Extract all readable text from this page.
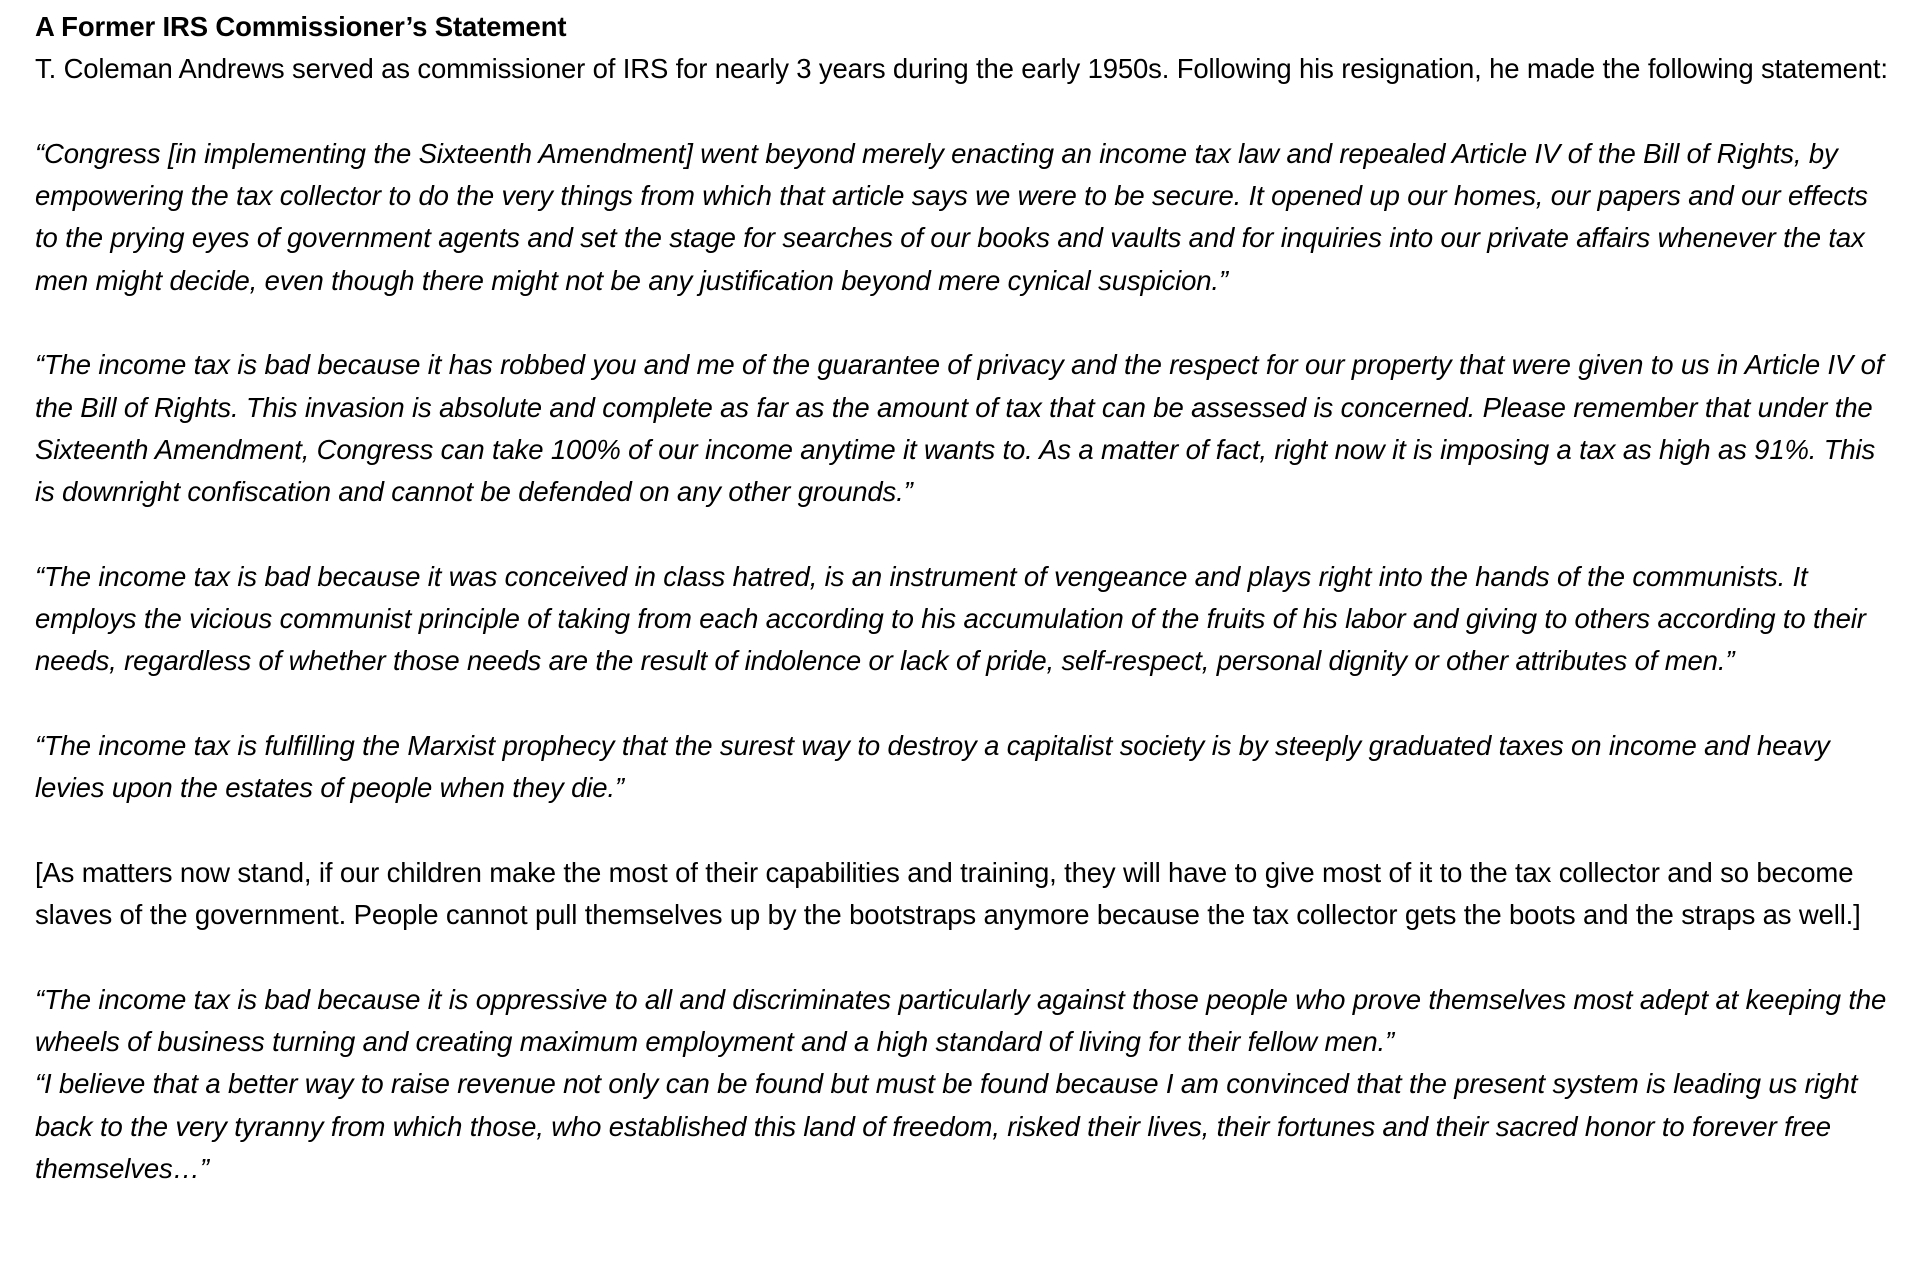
A Former IRS Commissioner’s Statement

T. Coleman Andrews served as commissioner of IRS for nearly 3 years during the early 1950s. Following his resignation, he made the following statement:

“Congress [in implementing the Sixteenth Amendment] went beyond merely enacting an income tax law and repealed Article IV of the Bill of Rights, by empowering the tax collector to do the very things from which that article says we were to be secure. It opened up our homes, our papers and our effects to the prying eyes of government agents and set the stage for searches of our books and vaults and for inquiries into our private affairs whenever the tax men might decide, even though there might not be any justification beyond mere cynical suspicion.”

“The income tax is bad because it has robbed you and me of the guarantee of privacy and the respect for our property that were given to us in Article IV of the Bill of Rights. This invasion is absolute and complete as far as the amount of tax that can be assessed is concerned. Please remember that under the Sixteenth Amendment, Congress can take 100% of our income anytime it wants to. As a matter of fact, right now it is imposing a tax as high as 91%. This is downright confiscation and cannot be defended on any other grounds.”

“The income tax is bad because it was conceived in class hatred, is an instrument of vengeance and plays right into the hands of the communists. It employs the vicious communist principle of taking from each according to his accumulation of the fruits of his labor and giving to others according to their needs, regardless of whether those needs are the result of indolence or lack of pride, self-respect, personal dignity or other attributes of men.”

“The income tax is fulfilling the Marxist prophecy that the surest way to destroy a capitalist society is by steeply graduated taxes on income and heavy levies upon the estates of people when they die.”

[As matters now stand, if our children make the most of their capabilities and training, they will have to give most of it to the tax collector and so become slaves of the government. People cannot pull themselves up by the bootstraps anymore because the tax collector gets the boots and the straps as well.]

“The income tax is bad because it is oppressive to all and discriminates particularly against those people who prove themselves most adept at keeping the wheels of business turning and creating maximum employment and a high standard of living for their fellow men.”

“I believe that a better way to raise revenue not only can be found but must be found because I am convinced that the present system is leading us right back to the very tyranny from which those, who established this land of freedom, risked their lives, their fortunes and their sacred honor to forever free themselves…”
